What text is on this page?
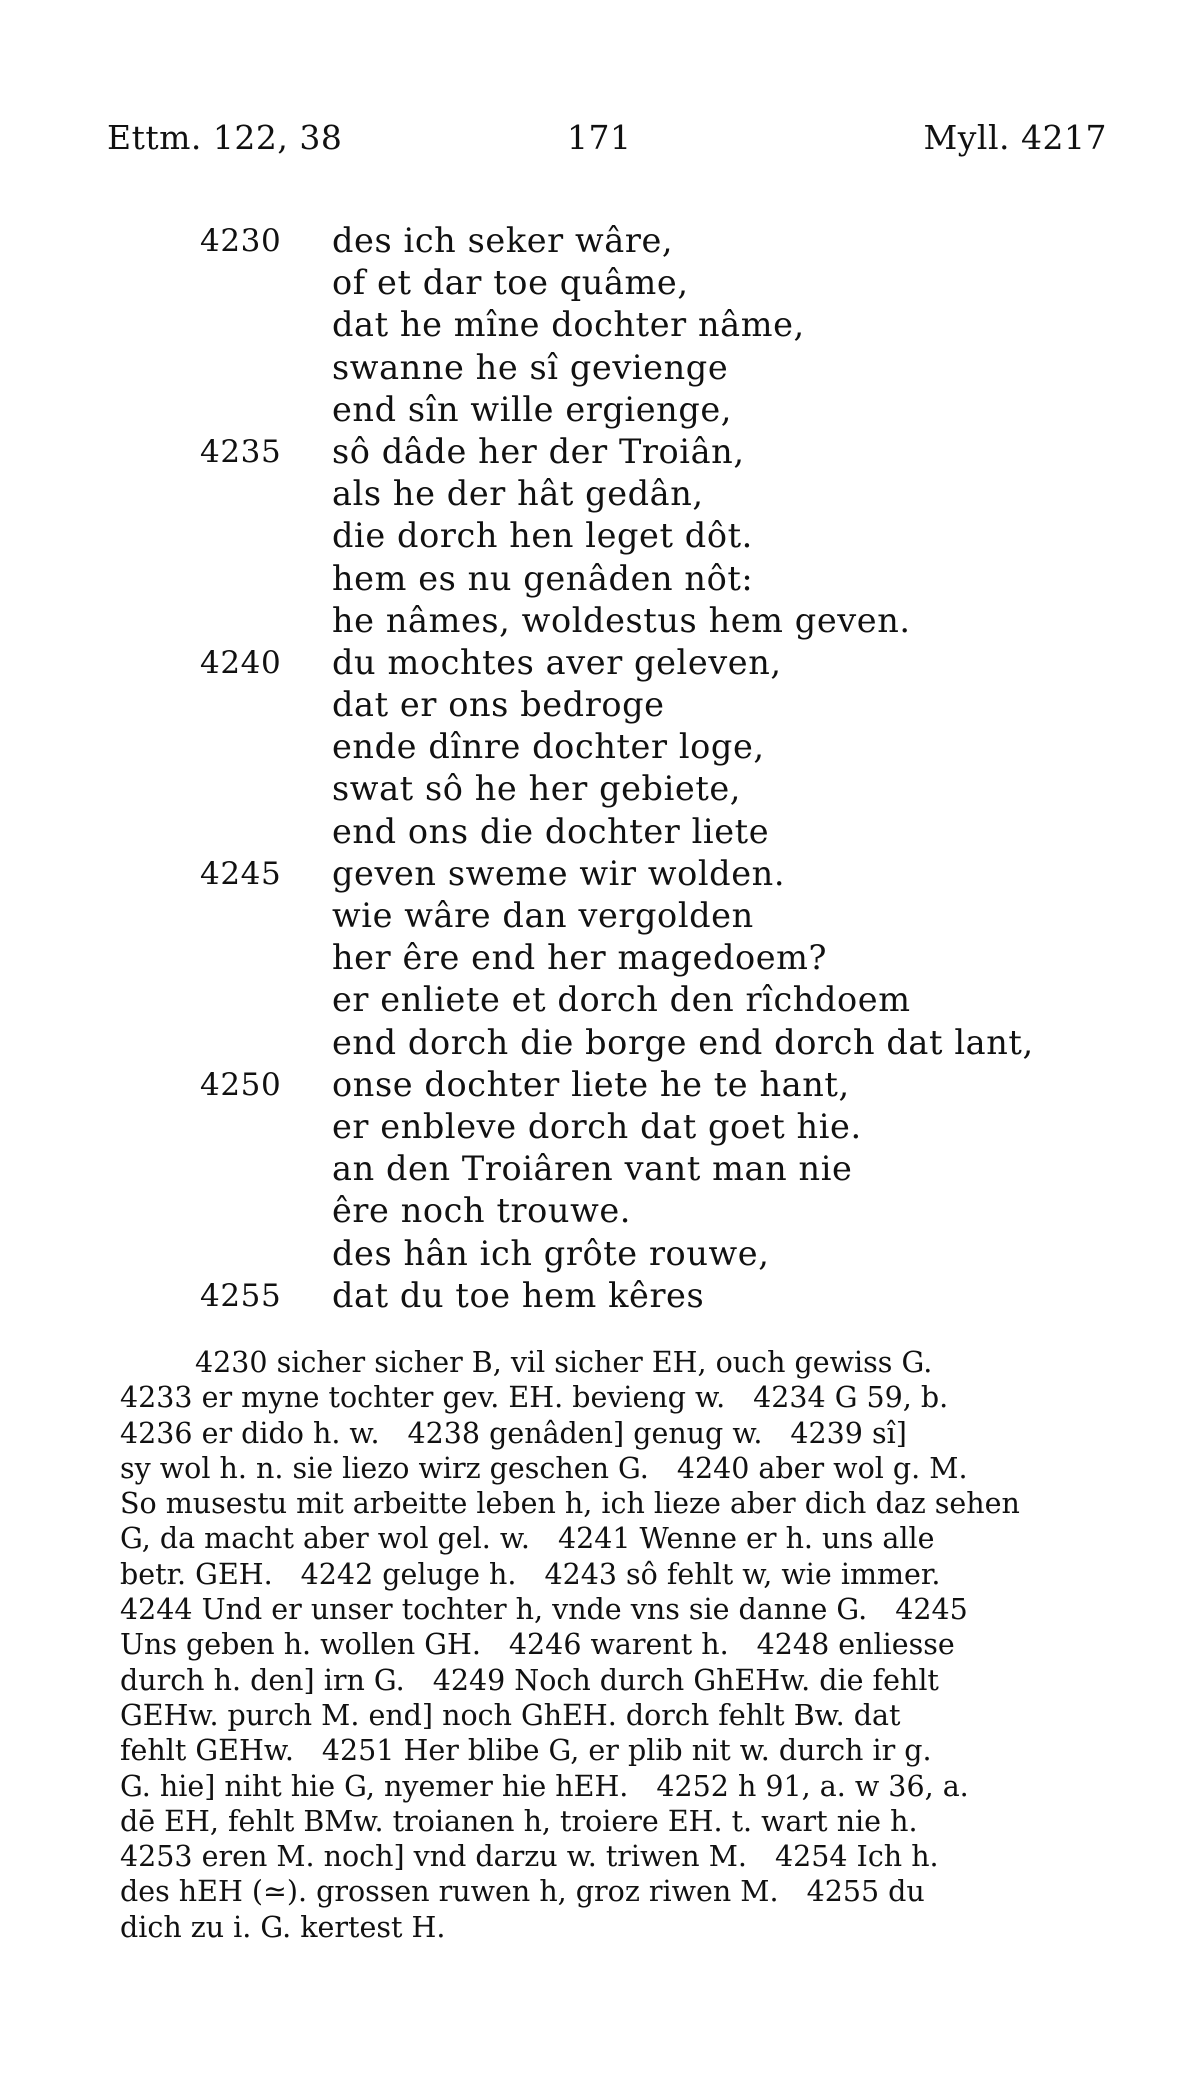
Ettm. 122, 38	171	Myll. 4217
4230	des ich seker wâre,
of et dar toe quâme,
dat he mîne dochter nâme,
swanne he sî gevienge
end sîn wille ergienge,
4235	sô dâde her der Troiân,
als he der hât gedân,
die dorch hen leget dôt.
hem es nu genâden nôt:
he nâmes, woldestus hem geven.
4240	du mochtes aver geleven,
dat er ons bedroge
ende dînre dochter loge,
swat sô he her gebiete,
end ons die dochter liete
4245	geven sweme wir wolden.
wie wâre dan vergolden
her êre end her magedoem?
er enliete et dorch den rîchdoem
end dorch die borge end dorch dat lant,
4250	onse dochter liete he te hant,
er enbleve dorch dat goet hie.
an den Troiâren vant man nie
êre noch trouwe.
des hân ich grôte rouwe,
4255	dat du toe hem kêres
4230 sicher sicher B, vil sicher EH, ouch gewiss G.
4233 er myne tochter gev. EH. bevieng w. 4234 G 59, b.
4236 er dido h. w. 4238 genâden] genug w. 4239 sî]
sy wol h. n. sie liezo wirz geschen G. 4240 aber wol g. M.
So musestu mit arbeitte leben h, ich lieze aber dich daz sehen
G, da macht aber wol gel. w. 4241 Wenne er h. uns alle
betr. GEH. 4242 geluge h. 4243 sô fehlt w, wie immer.
4244 Und er unser tochter h, vnde vns sie danne G. 4245
Uns geben h. wollen GH. 4246 warent h. 4248 enliesse
durch h. den] irn G. 4249 Noch durch GhEHw. die fehlt
GEHw. purch M. end] noch GhEH. dorch fehlt Bw. dat
fehlt GEHw. 4251 Her blibe G, er plib nit w. durch ir g.
G. hie] niht hie G, nyemer hie hEH. 4252 h 91, a. w 36, a.
dē EH, fehlt BMw. troianen h, troiere EH. t. wart nie h.
4253 eren M. noch] vnd darzu w. triwen M. 4254 Ich h.
des hEH (≃). grossen ruwen h, groz riwen M. 4255 du
dich zu i. G. kertest H.
